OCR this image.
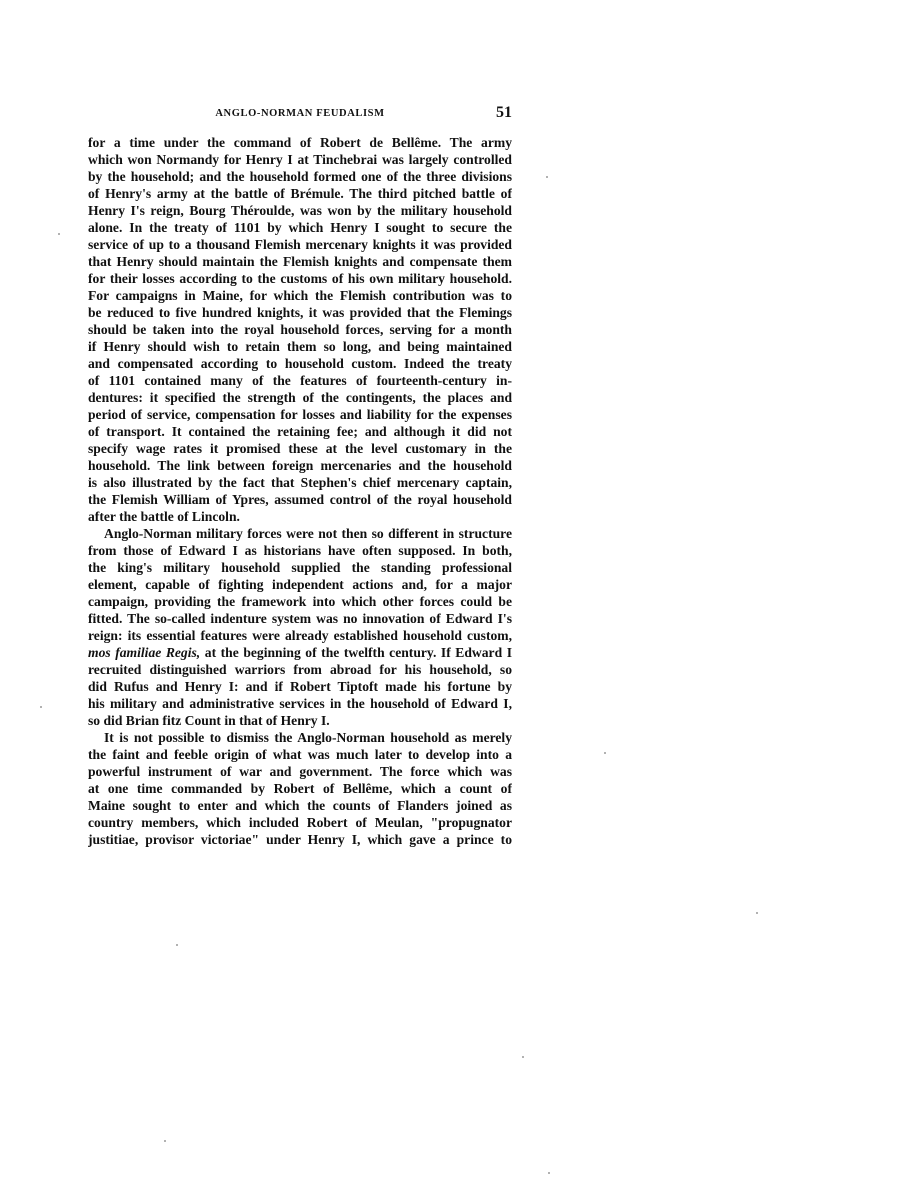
ANGLO-NORMAN FEUDALISM	51
for a time under the command of Robert de Bellême. The army
which won Normandy for Henry I at Tinchebrai was largely controlled
by the household; and the household formed one of the three divisions
of Henry's army at the battle of Brémule. The third pitched battle of
Henry I's reign, Bourg Théroulde, was won by the military household
alone. In the treaty of 1101 by which Henry I sought to secure the
service of up to a thousand Flemish mercenary knights it was provided
that Henry should maintain the Flemish knights and compensate them
for their losses according to the customs of his own military household.
For campaigns in Maine, for which the Flemish contribution was to
be reduced to five hundred knights, it was provided that the Flemings
should be taken into the royal household forces, serving for a month
if Henry should wish to retain them so long, and being maintained
and compensated according to household custom. Indeed the treaty
of 1101 contained many of the features of fourteenth-century in-
dentures: it specified the strength of the contingents, the places and
period of service, compensation for losses and liability for the expenses
of transport. It contained the retaining fee; and although it did not
specify wage rates it promised these at the level customary in the
household. The link between foreign mercenaries and the household
is also illustrated by the fact that Stephen's chief mercenary captain,
the Flemish William of Ypres, assumed control of the royal household
after the battle of Lincoln.
Anglo-Norman military forces were not then so different in structure
from those of Edward I as historians have often supposed. In both,
the king's military household supplied the standing professional
element, capable of fighting independent actions and, for a major
campaign, providing the framework into which other forces could be
fitted. The so-called indenture system was no innovation of Edward I's
reign: its essential features were already established household custom,
mos familiae Regis, at the beginning of the twelfth century. If Edward I
recruited distinguished warriors from abroad for his household, so
did Rufus and Henry I: and if Robert Tiptoft made his fortune by
his military and administrative services in the household of Edward I,
so did Brian fitz Count in that of Henry I.
It is not possible to dismiss the Anglo-Norman household as merely
the faint and feeble origin of what was much later to develop into a
powerful instrument of war and government. The force which was
at one time commanded by Robert of Bellême, which a count of
Maine sought to enter and which the counts of Flanders joined as
country members, which included Robert of Meulan, "propugnator
justitiae, provisor victoriae" under Henry I, which gave a prince to
